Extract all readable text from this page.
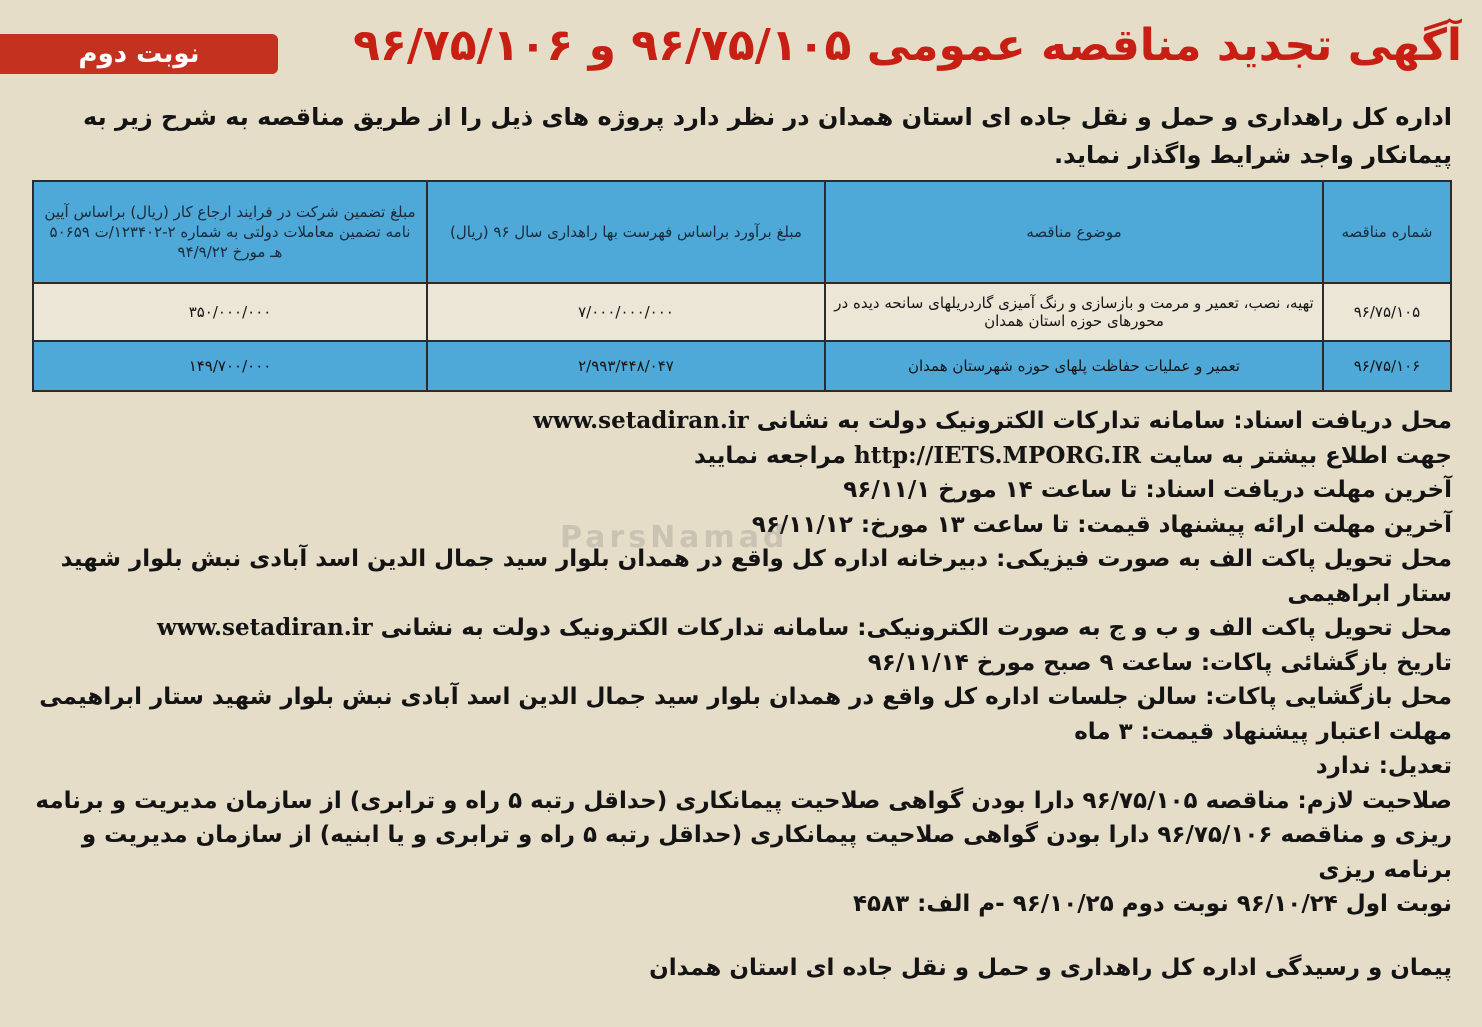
نوبت دوم	آگهی تجدید مناقصه عمومی ۹۶/۷۵/۱۰۵ و ۹۶/۷۵/۱۰۶
اداره کل راهداری و حمل و نقل جاده ای استان همدان در نظر دارد پروژه های ذیل را از طریق مناقصه به شرح زیر به پیمانکار واجد شرایط واگذار نماید.
شماره مناقصه	موضوع مناقصه	مبلغ برآورد براساس فهرست بها راهداری سال ۹۶ (ریال)	مبلغ تضمین شرکت در فرایند ارجاع کار (ریال) براساس آیین نامه تضمین معاملات دولتی به شماره ۲-۱۲۳۴۰۲/ت ۵۰۶۵۹ هـ مورخ ۹۴/۹/۲۲
۹۶/۷۵/۱۰۵	تهیه، نصب، تعمیر و مرمت و بازسازی و رنگ آمیزی گاردریلهای سانحه دیده در محورهای حوزه استان همدان	۷/۰۰۰/۰۰۰/۰۰۰	۳۵۰/۰۰۰/۰۰۰
۹۶/۷۵/۱۰۶	تعمیر و عملیات حفاظت پلهای حوزه شهرستان همدان	۲/۹۹۳/۴۴۸/۰۴۷	۱۴۹/۷۰۰/۰۰۰
محل دریافت اسناد: سامانه تدارکات الکترونیک دولت به نشانی www.setadiran.ir
جهت اطلاع بیشتر به سایت http://IETS.MPORG.IR مراجعه نمایید
آخرین مهلت دریافت اسناد: تا ساعت ۱۴ مورخ ۹۶/۱۱/۱
آخرین مهلت ارائه پیشنهاد قیمت: تا ساعت ۱۳ مورخ: ۹۶/۱۱/۱۲
محل تحویل پاکت الف به صورت فیزیکی: دبیرخانه اداره کل واقع در همدان بلوار سید جمال الدین اسد آبادی نبش بلوار شهید ستار ابراهیمی
محل تحویل پاکت الف و ب و ج به صورت الکترونیکی: سامانه تدارکات الکترونیک دولت به نشانی www.setadiran.ir
تاریخ بازگشائی پاکات: ساعت ۹ صبح مورخ ۹۶/۱۱/۱۴
محل بازگشایی پاکات: سالن جلسات اداره کل واقع در همدان بلوار سید جمال الدین اسد آبادی نبش بلوار شهید ستار ابراهیمی
مهلت اعتبار پیشنهاد قیمت: ۳ ماه
تعدیل: ندارد
صلاحیت لازم: مناقصه ۹۶/۷۵/۱۰۵ دارا بودن گواهی صلاحیت پیمانکاری (حداقل رتبه ۵ راه و ترابری) از سازمان مدیریت و برنامه ریزی و مناقصه ۹۶/۷۵/۱۰۶ دارا بودن گواهی صلاحیت پیمانکاری (حداقل رتبه ۵ راه و ترابری و یا ابنیه) از سازمان مدیریت و برنامه ریزی
نوبت اول ۹۶/۱۰/۲۴ نوبت دوم ۹۶/۱۰/۲۵ -م الف: ۴۵۸۳
پیمان و رسیدگی اداره کل راهداری و حمل و نقل جاده ای استان همدان
ParsNamad
